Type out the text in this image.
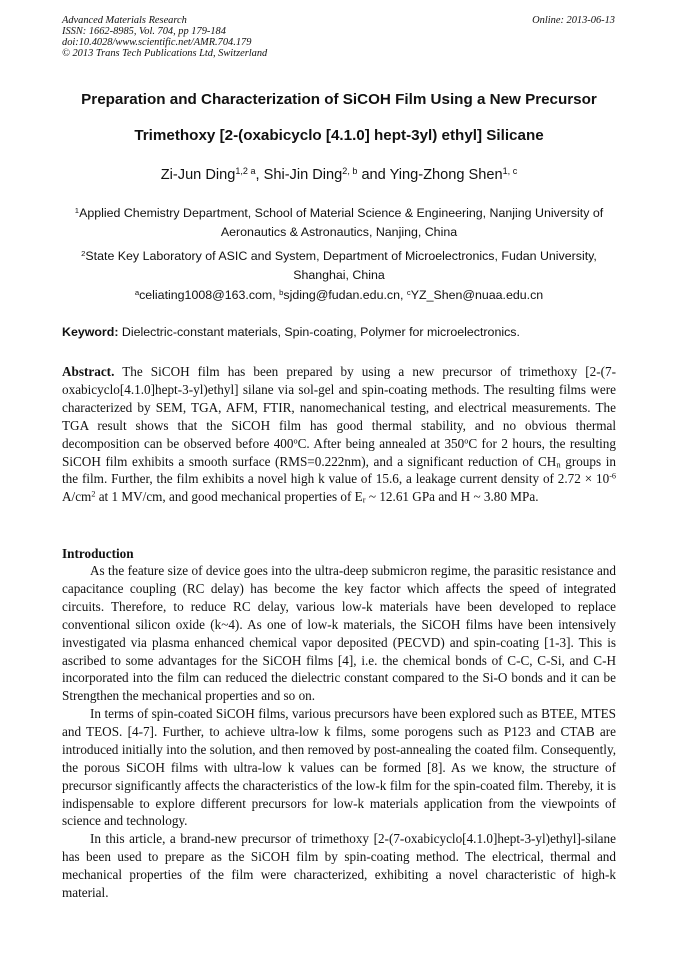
Advanced Materials Research
ISSN: 1662-8985, Vol. 704, pp 179-184
doi:10.4028/www.scientific.net/AMR.704.179
© 2013 Trans Tech Publications Ltd, Switzerland
Online: 2013-06-13
Preparation and Characterization of SiCOH Film Using a New Precursor
Trimethoxy [2-(oxabicyclo [4.1.0] hept-3yl) ethyl] Silicane
Zi-Jun Ding$^{1,2 a}$, Shi-Jin Ding$^{2, b}$ and Ying-Zhong Shen$^{1, c}$
$^1$Applied Chemistry Department, School of Material Science & Engineering, Nanjing University of Aeronautics & Astronautics, Nanjing, China
$^2$State Key Laboratory of ASIC and System, Department of Microelectronics, Fudan University, Shanghai, China
$^a$celiating1008@163.com, $^b$sjding@fudan.edu.cn, $^c$YZ_Shen@nuaa.edu.cn
Keyword: Dielectric-constant materials, Spin-coating, Polymer for microelectronics.
Abstract. The SiCOH film has been prepared by using a new precursor of trimethoxy [2-(7-oxabicyclo[4.1.0]hept-3-yl)ethyl] silane via sol-gel and spin-coating methods. The resulting films were characterized by SEM, TGA, AFM, FTIR, nanomechanical testing, and electrical measurements. The TGA result shows that the SiCOH film has good thermal stability, and no obvious thermal decomposition can be observed before 400$^o$C. After being annealed at 350$^o$C for 2 hours, the resulting SiCOH film exhibits a smooth surface (RMS=0.222nm), and a significant reduction of $CH_n$ groups in the film. Further, the film exhibits a novel high k value of 15.6, a leakage current density of $2.72 \times 10^{-6}$ $A/cm^2$ at 1 MV/cm, and good mechanical properties of $E_r$ ~ 12.61 GPa and H ~ 3.80 MPa.
Introduction

As the feature size of device goes into the ultra-deep submicron regime, the parasitic resistance and capacitance coupling (RC delay) has become the key factor which affects the speed of integrated circuits. Therefore, to reduce RC delay, various low-k materials have been developed to replace conventional silicon oxide (k~4). As one of low-k materials, the SiCOH films have been intensively investigated via plasma enhanced chemical vapor deposited (PECVD) and spin-coating [1-3]. This is ascribed to some advantages for the SiCOH films [4], i.e. the chemical bonds of C-C, C-Si, and C-H incorporated into the film can reduced the dielectric constant compared to the Si-O bonds and it can be Strengthen the mechanical properties and so on.

In terms of spin-coated SiCOH films, various precursors have been explored such as BTEE, MTES and TEOS. [4-7]. Further, to achieve ultra-low k films, some porogens such as P123 and CTAB are introduced initially into the solution, and then removed by post-annealing the coated film. Consequently, the porous SiCOH films with ultra-low k values can be formed [8]. As we know, the structure of precursor significantly affects the characteristics of the low-k film for the spin-coated film. Thereby, it is indispensable to explore different precursors for low-k materials application from the viewpoints of science and technology.

In this article, a brand-new precursor of trimethoxy [2-(7-oxabicyclo[4.1.0]hept-3-yl)ethyl]-silane has been used to prepare as the SiCOH film by spin-coating method. The electrical, thermal and mechanical properties of the film were characterized, exhibiting a novel characteristic of high-k material.
